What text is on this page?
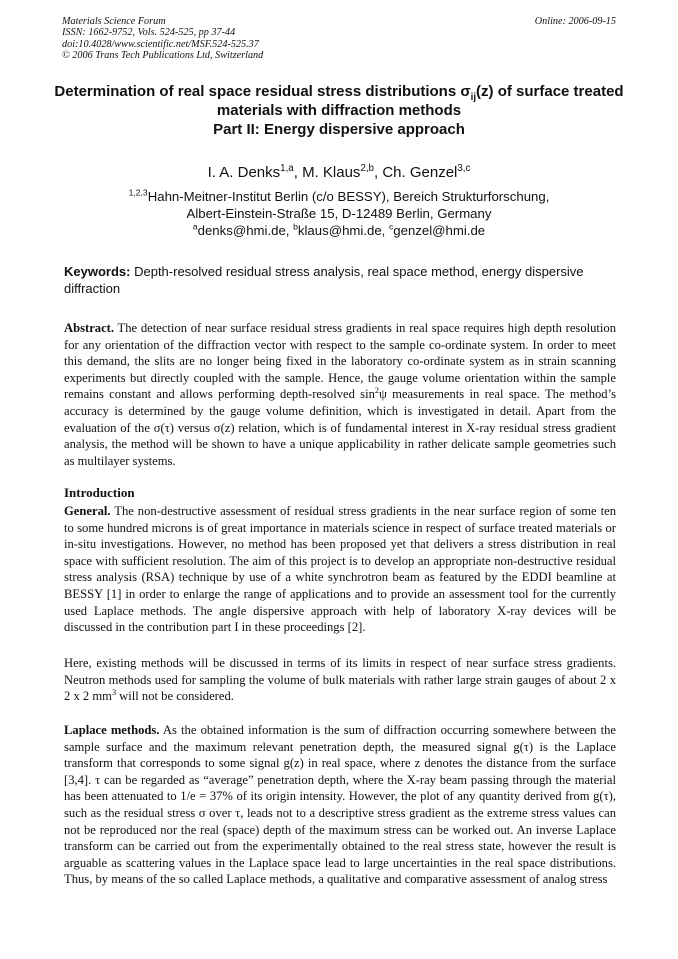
Materials Science Forum
ISSN: 1662-9752, Vols. 524-525, pp 37-44
doi:10.4028/www.scientific.net/MSF.524-525.37
© 2006 Trans Tech Publications Ltd, Switzerland
Online: 2006-09-15
Determination of real space residual stress distributions $\sigma_{ij}(z)$ of surface treated materials with diffraction methods
Part II: Energy dispersive approach
I. A. Denks$^{1,a}$, M. Klaus$^{2,b}$, Ch. Genzel$^{3,c}$
$^{1,2,3}$Hahn-Meitner-Institut Berlin (c/o BESSY), Bereich Strukturforschung,
Albert-Einstein-Straße 15, D-12489 Berlin, Germany
$^a$denks@hmi.de, $^b$klaus@hmi.de, $^c$genzel@hmi.de
Keywords: Depth-resolved residual stress analysis, real space method, energy dispersive diffraction
Abstract. The detection of near surface residual stress gradients in real space requires high depth resolution for any orientation of the diffraction vector with respect to the sample co-ordinate system. In order to meet this demand, the slits are no longer being fixed in the laboratory co-ordinate system as in strain scanning experiments but directly coupled with the sample. Hence, the gauge volume orientation within the sample remains constant and allows performing depth-resolved $\sin^2\psi$ measurements in real space. The method’s accuracy is determined by the gauge volume definition, which is investigated in detail. Apart from the evaluation of the σ(τ) versus σ(z) relation, which is of fundamental interest in X-ray residual stress gradient analysis, the method will be shown to have a unique applicability in rather delicate sample geometries such as multilayer systems.
Introduction
General. The non-destructive assessment of residual stress gradients in the near surface region of some ten to some hundred microns is of great importance in materials science in respect of surface treated materials or in-situ investigations. However, no method has been proposed yet that delivers a stress distribution in real space with sufficient resolution. The aim of this project is to develop an appropriate non-destructive residual stress analysis (RSA) technique by use of a white synchrotron beam as featured by the EDDI beamline at BESSY [1] in order to enlarge the range of applications and to provide an assessment tool for the currently used Laplace methods. The angle dispersive approach with help of laboratory X-ray devices will be discussed in the contribution part I in these proceedings [2].
Here, existing methods will be discussed in terms of its limits in respect of near surface stress gradients. Neutron methods used for sampling the volume of bulk materials with rather large strain gauges of about 2 x 2 x 2 $mm^3$ will not be considered.
Laplace methods. As the obtained information is the sum of diffraction occurring somewhere between the sample surface and the maximum relevant penetration depth, the measured signal g(τ) is the Laplace transform that corresponds to some signal g(z) in real space, where z denotes the distance from the surface [3,4]. τ can be regarded as “average” penetration depth, where the X-ray beam passing through the material has been attenuated to 1/e = 37% of its origin intensity. However, the plot of any quantity derived from g(τ), such as the residual stress σ over τ, leads not to a descriptive stress gradient as the extreme stress values can not be reproduced nor the real (space) depth of the maximum stress can be worked out. An inverse Laplace transform can be carried out from the experimentally obtained to the real stress state, however the result is arguable as scattering values in the Laplace space lead to large uncertainties in the real space distributions. Thus, by means of the so called Laplace methods, a qualitative and comparative assessment of analog stress
